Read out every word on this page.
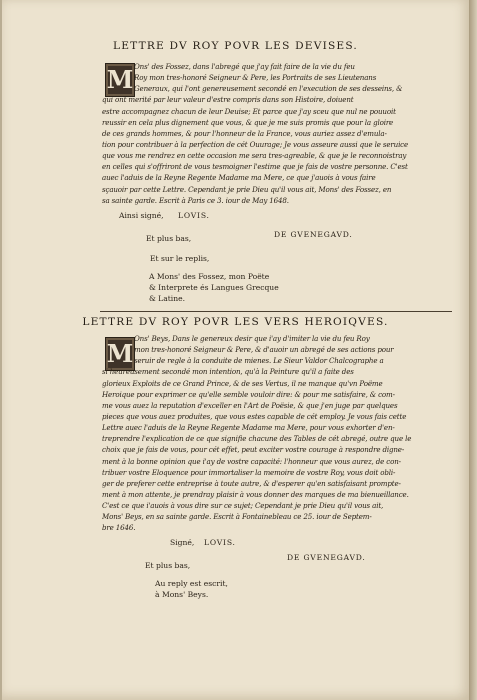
LETTRE DV ROY POVR LES DEVISES.
M Ons' des Fossez, dans l'abregé que j'ay fait faire de la vie du feu
Roy mon tres-honoré Seigneur & Pere, les Portraits de ses Lieutenans
Generaux, qui l'ont genereusement secondé en l'execution de ses desseins, &
qui ont merité par leur valeur d'estre compris dans son Histoire, doiuent
estre accompagnez chacun de leur Deuise; Et parce que j'ay sceu que nul ne pouuoit
reussir en cela plus dignement que vous, & que je me suis promis que pour la gloire
de ces grands hommes, & pour l'honneur de la France, vous auriez assez d'emula-
tion pour contribuer à la perfection de cét Ouurage; Je vous asseure aussi que le seruice
que vous me rendrez en cette occasion me sera tres-agreable, & que je le reconnoistray
en celles qui s'offriront de vous tesmoigner l'estime que je fais de vostre personne. C'est
auec l'aduis de la Reyne Regente Madame ma Mere, ce que j'auois à vous faire
sçauoir par cette Lettre. Cependant je prie Dieu qu'il vous ait, Mons' des Fossez, en
sa sainte garde. Escrit à Paris ce 3. iour de May 1648.
Ainsi signé, LOVIS.
Et plus bas,	DE GVENEGAVD.
Et sur le replis,
A Mons' des Fossez, mon Poëte
& Interprete és Langues Grecque
& Latine.
LETTRE DV ROY POVR LES VERS HEROIQVES.
M
Ons' Beys, Dans le genereux desir que i'ay d'imiter la vie du feu Roy
mon tres-honoré Seigneur & Pere, & d'auoir un abregé de ses actions pour
seruir de regle à la conduite de mienes. Le Sieur Valdor Chalcographe a
si heureusement secondé mon intention, qu'à la Peinture qu'il a faite des
glorieux Exploits de ce Grand Prince, & de ses Vertus, il ne manque qu'vn Poëme
Heroique pour exprimer ce qu'elle semble vouloir dire: & pour me satisfaire, & com-
me vous auez la reputation d'exceller en l'Art de Poësie, & que j'en juge par quelques
pieces que vous auez produites, que vous estes capable de cét employ. Je vous fais cette
Lettre auec l'aduis de la Reyne Regente Madame ma Mere, pour vous exhorter d'en-
treprendre l'explication de ce que signifie chacune des Tables de cét abregé, outre que le
choix que je fais de vous, pour cét effet, peut exciter vostre courage à respondre digne-
ment à la bonne opinion que i'ay de vostre capacité: l'honneur que vous aurez, de con-
tribuer vostre Eloquence pour immortaliser la memoire de vostre Roy, vous doit obli-
ger de preferer cette entreprise à toute autre, & d'esperer qu'en satisfaisant prompte-
ment à mon attente, je prendray plaisir à vous donner des marques de ma bienueillance.
C'est ce que i'auois à vous dire sur ce sujet; Cependant je prie Dieu qu'il vous ait,
Mons' Beys, en sa sainte garde. Escrit à Fontainebleau ce 25. iour de Septem-
bre 1646.
Signé, LOVIS.
Et plus bas,
DE GVENEGAVD.
Au reply est escrit,
à Mons' Beys.
